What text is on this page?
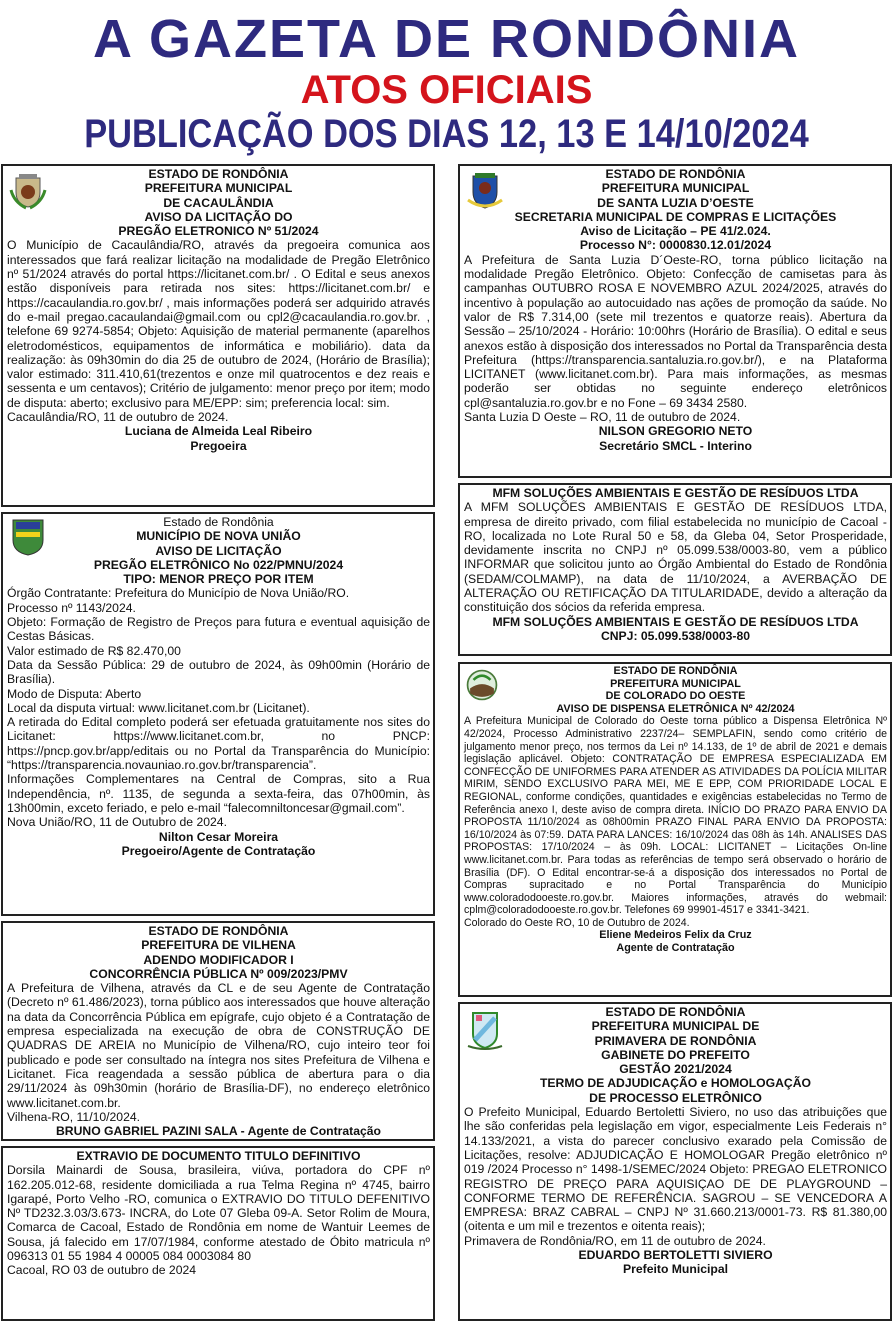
A GAZETA DE RONDÔNIA
ATOS OFICIAIS
PUBLICAÇÃO DOS DIAS 12, 13 E 14/10/2024
ESTADO DE RONDÔNIA
PREFEITURA MUNICIPAL
DE CACAULÂNDIA
AVISO DA LICITAÇÃO DO
PREGÃO ELETRONICO Nº 51/2024

O Município de Cacaulândia/RO, através da pregoeira comunica aos interessados que fará realizar licitação na modalidade de Pregão Eletrônico nº 51/2024 através do portal https://licitanet.com.br/ . O Edital e seus anexos estão disponíveis para retirada nos sites: https://licitanet.com.br/ e https://cacaulandia.ro.gov.br/ , mais informações poderá ser adquirido através do e-mail pregao.cacaulandai@gmail.com ou cpl2@cacaulandia.ro.gov.br. , telefone 69 9274-5854; Objeto: Aquisição de material permanente (aparelhos eletrodomésticos, equipamentos de informática e mobiliário). data da realização: às 09h30min do dia 25 de outubro de 2024, (Horário de Brasília); valor estimado: 311.410,61(trezentos e onze mil quatrocentos e dez reais e sessenta e um centavos); Critério de julgamento: menor preço por item; modo de disputa: aberto; exclusivo para ME/EPP: sim; preferencia local: sim.

Cacaulândia/RO, 11 de outubro de 2024.

Luciana de Almeida Leal Ribeiro
Pregoeira
Estado de Rondônia
MUNICÍPIO DE NOVA UNIÃO
AVISO DE LICITAÇÃO
PREGÃO ELETRÔNICO No 022/PMNU/2024
TIPO: MENOR PREÇO POR ITEM

Órgão Contratante: Prefeitura do Município de Nova União/RO.

Processo nº 1143/2024.

Objeto: Formação de Registro de Preços para futura e eventual aquisição de Cestas Básicas.

Valor estimado de R$ 82.470,00

Data da Sessão Pública: 29 de outubro de 2024, às 09h00min (Horário de Brasília).

Modo de Disputa: Aberto

Local da disputa virtual: www.licitanet.com.br (Licitanet).

A retirada do Edital completo poderá ser efetuada gratuitamente nos sites do Licitanet: https://www.licitanet.com.br, no PNCP: https://pncp.gov.br/app/editais ou no Portal da Transparência do Município: “https://transparencia.novauniao.ro.gov.br/transparencia”.

Informações Complementares na Central de Compras, sito a Rua Independência, nº. 1135, de segunda a sexta-feira, das 07h00min, às 13h00min, exceto feriado, e pelo e-mail “falecomniltoncesar@gmail.com”.

Nova União/RO, 11 de Outubro de 2024.

Nilton Cesar Moreira
Pregoeiro/Agente de Contratação
ESTADO DE RONDÔNIA
PREFEITURA DE VILHENA
ADENDO MODIFICADOR I
CONCORRÊNCIA PÚBLICA Nº 009/2023/PMV

A Prefeitura de Vilhena, através da CL e de seu Agente de Contratação (Decreto nº 61.486/2023), torna público aos interessados que houve alteração na data da Concorrência Pública em epígrafe, cujo objeto é a Contratação de empresa especializada na execução de obra de CONSTRUÇÃO DE QUADRAS DE AREIA no Município de Vilhena/RO, cujo inteiro teor foi publicado e pode ser consultado na íntegra nos sites Prefeitura de Vilhena e Licitanet. Fica reagendada a sessão pública de abertura para o dia 29/11/2024 às 09h30min (horário de Brasília-DF), no endereço eletrônico www.licitanet.com.br.

Vilhena-RO, 11/10/2024.

BRUNO GABRIEL PAZINI SALA - Agente de Contratação
EXTRAVIO DE DOCUMENTO TITULO DEFINITIVO

Dorsila Mainardi de Sousa, brasileira, viúva, portadora do CPF nº 162.205.012-68, residente domiciliada a rua Telma Regina nº 4745, bairro Igarapé, Porto Velho -RO, comunica o EXTRAVIO DO TITULO DEFENITIVO Nº TD232.3.03/3.673- INCRA, do Lote 07 Gleba 09-A. Setor Rolim de Moura, Comarca de Cacoal, Estado de Rondônia em nome de Wantuir Leemes de Sousa, já falecido em 17/07/1984, conforme atestado de Óbito matricula nº 096313 01 55 1984 4 00005 084 0003084 80

Cacoal, RO 03 de outubro de 2024

ESTADO DE RONDÔNIA
PREFEITURA MUNICIPAL
DE SANTA LUZIA D’OESTE
SECRETARIA MUNICIPAL DE COMPRAS E LICITAÇÕES
Aviso de Licitação – PE 41/2.024.
Processo N°: 0000830.12.01/2024

A Prefeitura de Santa Luzia D´Oeste-RO, torna público licitação na modalidade Pregão Eletrônico. Objeto: Confecção de camisetas para às campanhas OUTUBRO ROSA E NOVEMBRO AZUL 2024/2025, através do incentivo à população ao autocuidado nas ações de promoção da saúde. No valor de R$ 7.314,00 (sete mil trezentos e quatorze reais). Abertura da Sessão – 25/10/2024 - Horário: 10:00hrs (Horário de Brasília). O edital e seus anexos estão à disposição dos interessados no Portal da Transparência desta Prefeitura (https://transparencia.santaluzia.ro.gov.br/), e na Plataforma LICITANET (www.licitanet.com.br). Para mais informações, as mesmas poderão ser obtidas no seguinte endereço eletrônicos cpl@santaluzia.ro.gov.br e no Fone – 69 3434 2580.

Santa Luzia D Oeste – RO, 11 de outubro de 2024.

NILSON GREGORIO NETO
Secretário SMCL - Interino
MFM SOLUÇÕES AMBIENTAIS E GESTÃO DE RESÍDUOS LTDA

A MFM SOLUÇÕES AMBIENTAIS E GESTÃO DE RESÍDUOS LTDA, empresa de direito privado, com filial estabelecida no município de Cacoal - RO, localizada no Lote Rural 50 e 58, da Gleba 04, Setor Prosperidade, devidamente inscrita no CNPJ nº 05.099.538/0003-80, vem a público INFORMAR que solicitou junto ao Órgão Ambiental do Estado de Rondônia (SEDAM/COLMAMP), na data de 11/10/2024, a AVERBAÇÃO DE ALTERAÇÃO OU RETIFICAÇÃO DA TITULARIDADE, devido a alteração da constituição dos sócios da referida empresa.

MFM SOLUÇÕES AMBIENTAIS E GESTÃO DE RESÍDUOS LTDA
CNPJ: 05.099.538/0003-80
ESTADO DE RONDÔNIA
PREFEITURA MUNICIPAL
DE COLORADO DO OESTE
AVISO DE DISPENSA ELETRÔNICA Nº 42/2024

A Prefeitura Municipal de Colorado do Oeste torna público a Dispensa Eletrônica Nº 42/2024, Processo Administrativo 2237/24– SEMPLAFIN, sendo como critério de julgamento menor preço, nos termos da Lei nº 14.133, de 1º de abril de 2021 e demais legislação aplicável. Objeto: CONTRATAÇÃO DE EMPRESA ESPECIALIZADA EM CONFECÇÃO DE UNIFORMES PARA ATENDER AS ATIVIDADES DA POLÍCIA MILITAR MIRIM, SENDO EXCLUSIVO PARA MEI, ME E EPP, COM PRIORIDADE LOCAL E REGIONAL, conforme condições, quantidades e exigências estabelecidas no Termo de Referência anexo I, deste aviso de compra direta. INÍCIO DO PRAZO PARA ENVIO DA PROPOSTA 11/10/2024 as 08h00min PRAZO FINAL PARA ENVIO DA PROPOSTA: 16/10/2024 às 07:59. DATA PARA LANCES: 16/10/2024 das 08h às 14h. ANALISES DAS PROPOSTAS: 17/10/2024 – às 09h. LOCAL: LICITANET – Licitações On-line www.licitanet.com.br. Para todas as referências de tempo será observado o horário de Brasília (DF). O Edital encontrar-se-á a disposição dos interessados no Portal de Compras supracitado e no Portal Transparência do Município www.coloradodooeste.ro.gov.br. Maiores informações, através do webmail: cplm@coloradodooeste.ro.gov.br. Telefones 69 99901-4517 e 3341-3421.

Colorado do Oeste RO, 10 de Outubro de 2024.

Eliene Medeiros Felix da Cruz
Agente de Contratação
ESTADO DE RONDÔNIA
PREFEITURA MUNICIPAL DE
PRIMAVERA DE RONDÔNIA
GABINETE DO PREFEITO
GESTÃO 2021/2024
TERMO DE ADJUDICAÇÃO e HOMOLOGAÇÃO
DE PROCESSO ELETRÔNICO

O Prefeito Municipal, Eduardo Bertoletti Siviero, no uso das atribuições que lhe são conferidas pela legislação em vigor, especialmente Leis Federais n° 14.133/2021, a vista do parecer conclusivo exarado pela Comissão de Licitações, resolve: ADJUDICAÇÃO E HOMOLOGAR Pregão eletrônico nº 019 /2024 Processo n° 1498-1/SEMEC/2024 Objeto: PREGAO ELETRONICO REGISTRO DE PREÇO PARA AQUISIÇAO DE DE PLAYGROUND – CONFORME TERMO DE REFERÊNCIA. SAGROU – SE VENCEDORA A EMPRESA: BRAZ CABRAL – CNPJ Nº 31.660.213/0001-73. R$ 81.380,00 (oitenta e um mil e trezentos e oitenta reais);

Primavera de Rondônia/RO, em 11 de outubro de 2024.

EDUARDO BERTOLETTI SIVIERO
Prefeito Municipal
